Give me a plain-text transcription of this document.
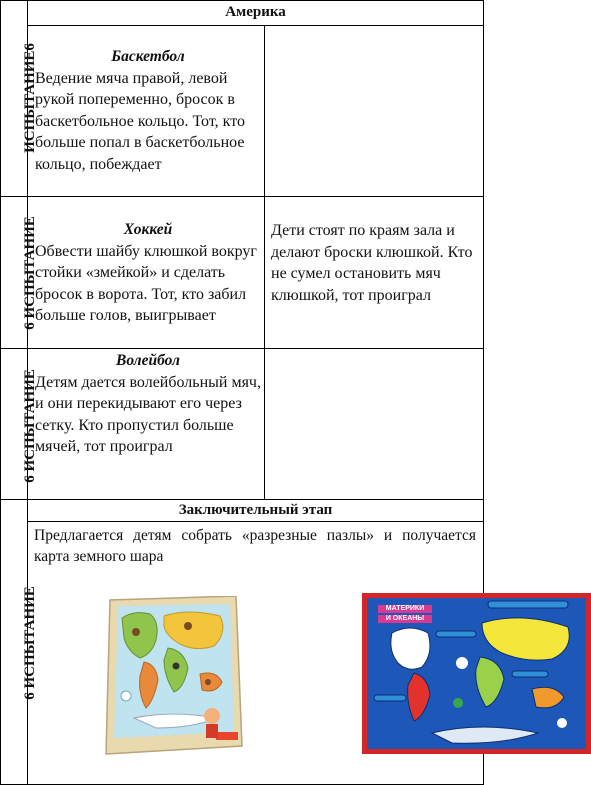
Америка
ИСПЫТАНИЕ6
6 ИСПЫТАНИЕ
6 ИСПЫТАНИЕ
6 ИСПЫТАНИЕ
Баскетбол
Ведение мяча правой, левой рукой попеременно, бросок в баскетбольное кольцо. Тот, кто больше попал в баскетбольное кольцо, побеждает
Хоккей
Обвести шайбу клюшкой вокруг стойки «змейкой» и сделать бросок в ворота. Тот, кто забил больше голов, выигрывает
Дети стоят по краям зала и делают броски клюшкой. Кто не сумел остановить мяч клюшкой, тот проиграл
Волейбол
Детям дается волейбольный мяч, и они перекидывают его через сетку. Кто пропустил больше мячей, тот проиграл
Заключительный этап
Предлагается детям собрать «разрезные пазлы» и получается карта земного шара
МАТЕРИКИ
И ОКЕАНЫ
